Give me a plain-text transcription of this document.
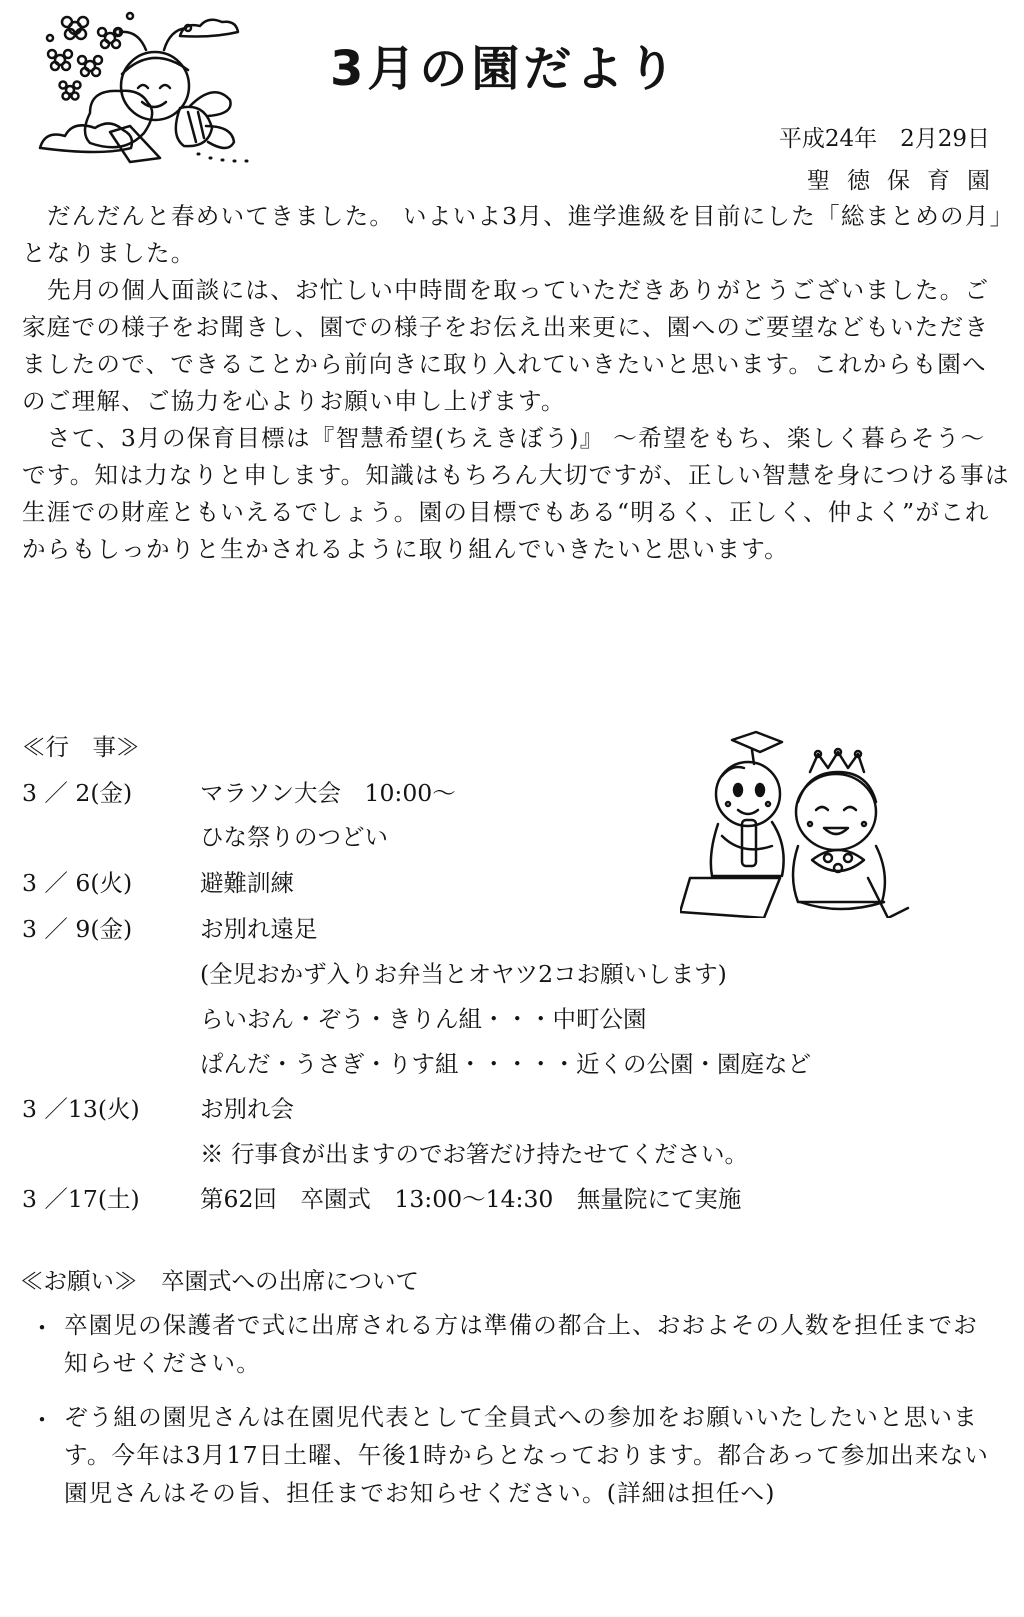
3月の園だより
平成24年　2月29日
聖徳保育園

だんだんと春めいてきました。 いよいよ3月、進学進級を目前にした「総まとめの月」となりました。

先月の個人面談には、お忙しい中時間を取っていただきありがとうございました。ご家庭での様子をお聞きし、園での様子をお伝え出来更に、園へのご要望などもいただきましたので、できることから前向きに取り入れていきたいと思います。これからも園へのご理解、ご協力を心よりお願い申し上げます。

さて、3月の保育目標は『智慧希望(ちえきぼう)』 〜希望をもち、楽しく暮らそう〜です。知は力なりと申します。知識はもちろん大切ですが、正しい智慧を身につける事は生涯での財産ともいえるでしょう。園の目標でもある“明るく、正しく、仲よく”がこれからもしっかりと生かされるように取り組んでいきたいと思います。

≪行　事≫
3 ／ 2(金)	マラソン大会　10:00〜
ひな祭りのつどい
3 ／ 6(火)	避難訓練
3 ／ 9(金)	お別れ遠足
(全児おかず入りお弁当とオヤツ2コお願いします)
らいおん・ぞう・きりん組・・・中町公園
ぱんだ・うさぎ・りす組・・・・・近くの公園・園庭など
3 ／13(火)	お別れ会
※ 行事食が出ますのでお箸だけ持たせてください。
3 ／17(土)	第62回　卒園式　13:00〜14:30　無量院にて実施
≪お願い≫　卒園式への出席について
・ 卒園児の保護者で式に出席される方は準備の都合上、おおよその人数を担任までお知らせください。
・ ぞう組の園児さんは在園児代表として全員式への参加をお願いいたしたいと思います。今年は3月17日土曜、午後1時からとなっております。都合あって参加出来ない園児さんはその旨、担任までお知らせください。(詳細は担任へ)
